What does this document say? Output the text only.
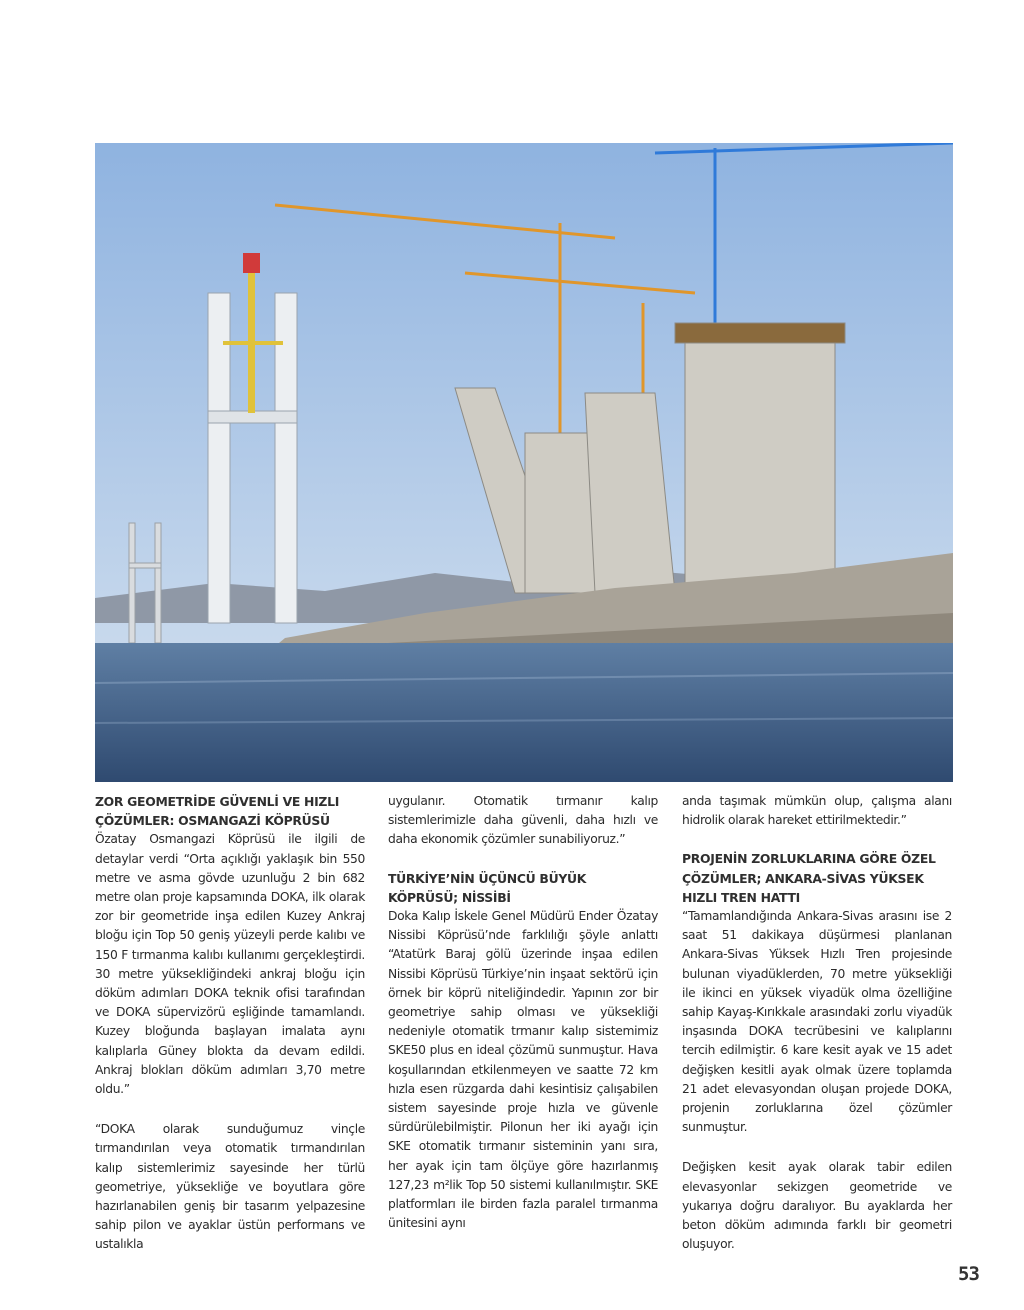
ZOR GEOMETRİDE GÜVENLİ VE HIZLI ÇÖZÜMLER: OSMANGAZİ KÖPRÜSÜ

Özatay Osmangazi Köprüsü ile ilgili de detaylar verdi “Orta açıklığı yaklaşık bin 550 metre ve asma gövde uzunluğu 2 bin 682 metre olan proje kapsamında DOKA, ilk olarak zor bir geometride inşa edilen Kuzey Ankraj bloğu için Top 50 geniş yüzeyli perde kalıbı ve 150 F tırmanma kalıbı kullanımı gerçekleştirdi. 30 metre yüksekliğindeki ankraj bloğu için döküm adımları DOKA teknik ofisi tarafından ve DOKA süpervizörü eşliğinde tamamlandı. Kuzey bloğunda başlayan imalata aynı kalıplarla Güney blokta da devam edildi. Ankraj blokları döküm adımları 3,70 metre oldu.”

“DOKA olarak sunduğumuz vinçle tırmandırılan veya otomatik tırmandırılan kalıp sistemlerimiz sayesinde her türlü geometriye, yüksekliğe ve boyutlara göre hazırlanabilen geniş bir tasarım yelpazesine sahip pilon ve ayaklar üstün performans ve ustalıkla

uygulanır. Otomatik tırmanır kalıp sistemlerimizle daha güvenli, daha hızlı ve daha ekonomik çözümler sunabiliyoruz.”

TÜRKİYE’NİN ÜÇÜNCÜ BÜYÜK KÖPRÜSÜ; NİSSİBİ

Doka Kalıp İskele Genel Müdürü Ender Özatay Nissibi Köprüsü’nde farklılığı şöyle anlattı “Atatürk Baraj gölü üzerinde inşaa edilen Nissibi Köprüsü Türkiye’nin inşaat sektörü için örnek bir köprü niteliğindedir. Yapının zor bir geometriye sahip olması ve yüksekliği nedeniyle otomatik trmanır kalıp sistemimiz SKE50 plus en ideal çözümü sunmuştur. Hava koşullarından etkilenmeyen ve saatte 72 km hızla esen rüzgarda dahi kesintisiz çalışabilen sistem sayesinde proje hızla ve güvenle sürdürülebilmiştir. Pilonun her iki ayağı için SKE otomatik tırmanır sisteminin yanı sıra, her ayak için tam ölçüye göre hazırlanmış 127,23 m²lik Top 50 sistemi kullanılmıştır. SKE platformları ile birden fazla paralel tırmanma ünitesini aynı

anda taşımak mümkün olup, çalışma alanı hidrolik olarak hareket ettirilmektedir.”

PROJENİN ZORLUKLARINA GÖRE ÖZEL ÇÖZÜMLER; ANKARA-SİVAS YÜKSEK HIZLI TREN HATTI

“Tamamlandığında Ankara-Sivas arasını ise 2 saat 51 dakikaya düşürmesi planlanan Ankara-Sivas Yüksek Hızlı Tren projesinde bulunan viyadüklerden, 70 metre yüksekliği ile ikinci en yüksek viyadük olma özelliğine sahip Kayaş-Kırıkkale arasındaki zorlu viyadük inşasında DOKA tecrübesini ve kalıplarını tercih edilmiştir. 6 kare kesit ayak ve 15 adet değişken kesitli ayak olmak üzere toplamda 21 adet elevasyondan oluşan projede DOKA, projenin zorluklarına özel çözümler sunmuştur.

Değişken kesit ayak olarak tabir edilen elevasyonlar sekizgen geometride ve yukarıya doğru daralıyor. Bu ayaklarda her beton döküm adımında farklı bir geometri oluşuyor.

53
